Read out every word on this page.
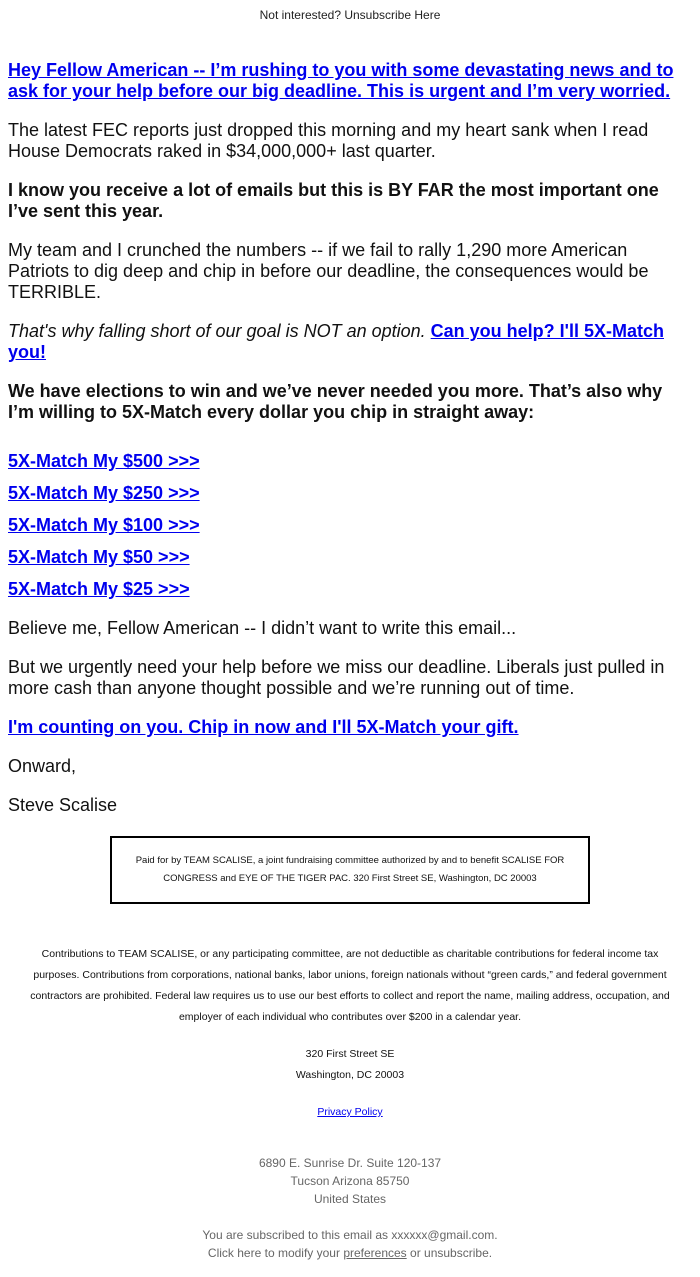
Not interested? Unsubscribe Here

Hey Fellow American -- I’m rushing to you with some devastating news and to ask for your help before our big deadline. This is urgent and I’m very worried.

The latest FEC reports just dropped this morning and my heart sank when I read House Democrats raked in $34,000,000+ last quarter.

I know you receive a lot of emails but this is BY FAR the most important one I’ve sent this year.

My team and I crunched the numbers -- if we fail to rally 1,290 more American Patriots to dig deep and chip in before our deadline, the consequences would be TERRIBLE.

That's why falling short of our goal is NOT an option. Can you help? I'll 5X-Match you!

We have elections to win and we’ve never needed you more. That’s also why I’m willing to 5X-Match every dollar you chip in straight away:

5X-Match My $500 >>>
5X-Match My $250 >>>
5X-Match My $100 >>>
5X-Match My $50 >>>
5X-Match My $25 >>>

Believe me, Fellow American -- I didn’t want to write this email...

But we urgently need your help before we miss our deadline. Liberals just pulled in more cash than anyone thought possible and we’re running out of time.

I'm counting on you. Chip in now and I'll 5X-Match your gift.

Onward,

Steve Scalise

Paid for by TEAM SCALISE, a joint fundraising committee authorized by and to benefit SCALISE FOR CONGRESS and EYE OF THE TIGER PAC. 320 First Street SE, Washington, DC 20003
Contributions to TEAM SCALISE, or any participating committee, are not deductible as charitable contributions for federal income tax purposes. Contributions from corporations, national banks, labor unions, foreign nationals without “green cards,” and federal government contractors are prohibited. Federal law requires us to use our best efforts to collect and report the name, mailing address, occupation, and employer of each individual who contributes over $200 in a calendar year.
320 First Street SE
Washington, DC 20003
Privacy Policy
6890 E. Sunrise Dr. Suite 120-137
Tucson Arizona 85750
United States
You are subscribed to this email as xxxxxx@gmail.com.
Click here to modify your preferences or unsubscribe.
